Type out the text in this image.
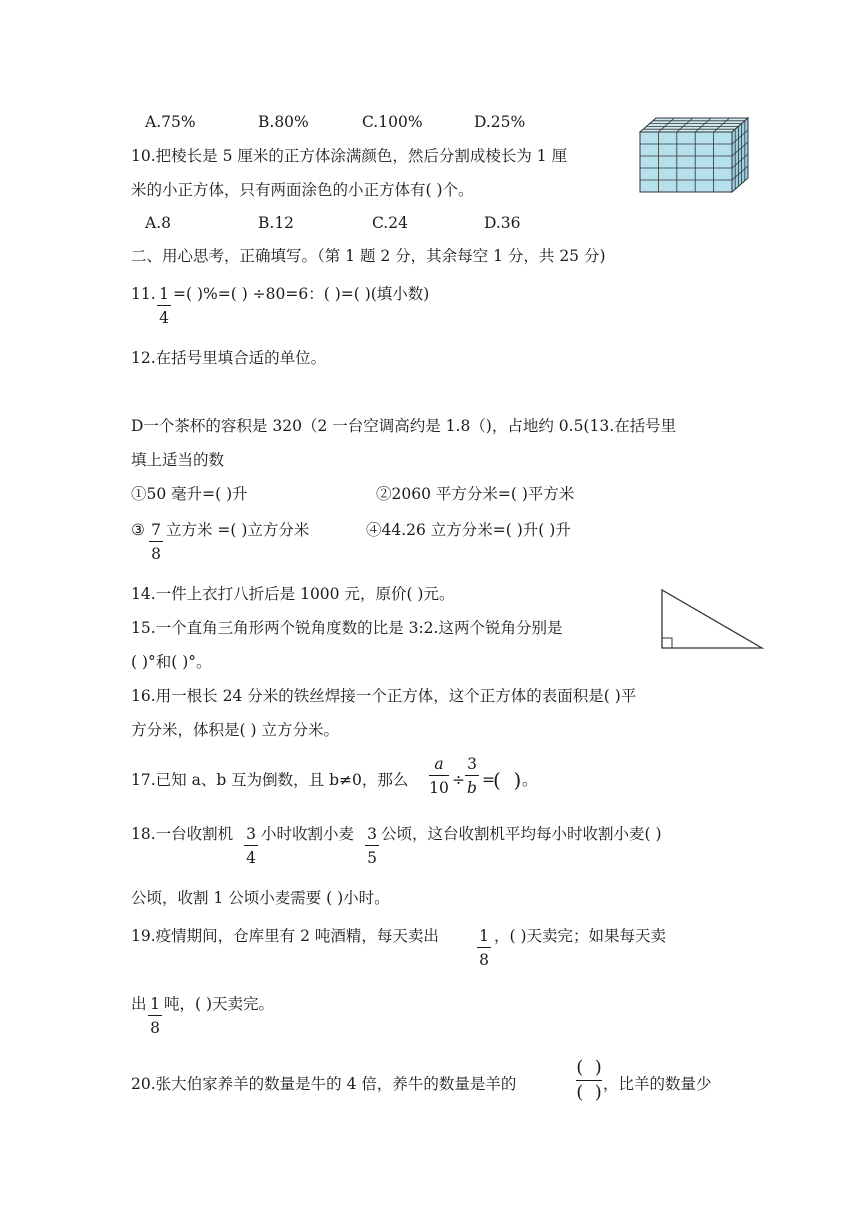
A.75%	B.80%	C.100%	D.25%
10.把棱长是 5 厘米的正方体涂满颜色，然后分割成棱长为 1 厘
米的小正方体，只有两面涂色的小正方体有( )个。
A.8	B.12	C.24	D.36
二、用心思考，正确填写。（第 1 题 2 分，其余每空 1 分，共 25 分)
11. 1
4
=( )%=( ) ÷80=6：( )=( )(填小数)
12.在括号里填合适的单位。
D一个茶杯的容积是 320（2 一台空调高约是 1.8（)，占地约 0.5(13.在括号里
填上适当的数
①50 毫升=( )升	②2060 平方分米=( )平方米
③ 7
8
立方米 =( )立方分米	④44.26 立方分米=( )升( )升
14.一件上衣打八折后是 1000 元，原价( )元。
15.一个直角三角形两个锐角度数的比是 3:2.这两个锐角分别是
( )°和( )°。
16.用一根长 24 分米的铁丝焊接一个正方体，这个正方体的表面积是( )平
方分米，体积是( ) 立方分米。
17.已知 a、b 互为倒数，且 b≠0，那么
a
10 ÷
3
b =
(  ) 。
18.一台收割机 3
4
小时收割小麦 3
5
公顷，这台收割机平均每小时收割小麦( )
公顷，收割 1 公顷小麦需要 ( )小时。
19.疫情期间，仓库里有 2 吨酒精，每天卖出	1
8
，( )天卖完；如果每天卖
出 1
8
吨，( )天卖完。
20.张大伯家养羊的数量是牛的 4 倍，养牛的数量是羊的
(  )
(  ) ，比羊的数量少
